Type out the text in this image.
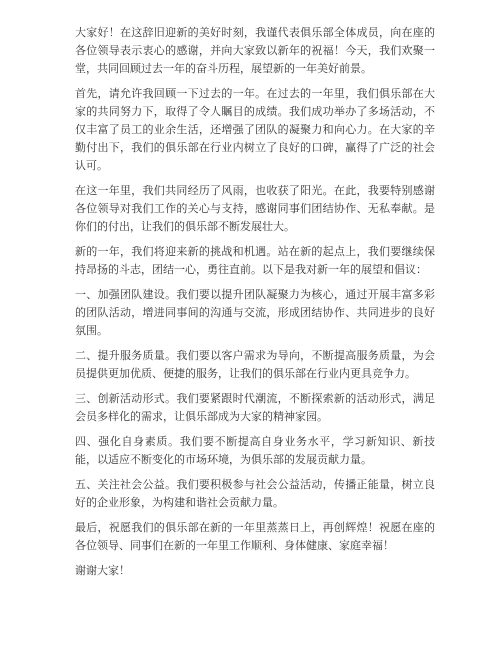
大家好！在这辞旧迎新的美好时刻，我谨代表俱乐部全体成员，向在座的各位领导表示衷心的感谢，并向大家致以新年的祝福！今天，我们欢聚一堂，共同回顾过去一年的奋斗历程，展望新的一年美好前景。

首先，请允许我回顾一下过去的一年。在过去的一年里，我们俱乐部在大家的共同努力下，取得了令人瞩目的成绩。我们成功举办了多场活动，不仅丰富了员工的业余生活，还增强了团队的凝聚力和向心力。在大家的辛勤付出下，我们的俱乐部在行业内树立了良好的口碑，赢得了广泛的社会认可。

在这一年里，我们共同经历了风雨，也收获了阳光。在此，我要特别感谢各位领导对我们工作的关心与支持，感谢同事们团结协作、无私奉献。是你们的付出，让我们的俱乐部不断发展壮大。

新的一年，我们将迎来新的挑战和机遇。站在新的起点上，我们要继续保持昂扬的斗志，团结一心，勇往直前。以下是我对新一年的展望和倡议：

一、加强团队建设。我们要以提升团队凝聚力为核心，通过开展丰富多彩的团队活动，增进同事间的沟通与交流，形成团结协作、共同进步的良好氛围。

二、提升服务质量。我们要以客户需求为导向，不断提高服务质量，为会员提供更加优质、便捷的服务，让我们的俱乐部在行业内更具竞争力。

三、创新活动形式。我们要紧跟时代潮流，不断探索新的活动形式，满足会员多样化的需求，让俱乐部成为大家的精神家园。

四、强化自身素质。我们要不断提高自身业务水平，学习新知识、新技能，以适应不断变化的市场环境，为俱乐部的发展贡献力量。

五、关注社会公益。我们要积极参与社会公益活动，传播正能量，树立良好的企业形象，为构建和谐社会贡献力量。

最后，祝愿我们的俱乐部在新的一年里蒸蒸日上，再创辉煌！祝愿在座的各位领导、同事们在新的一年里工作顺利、身体健康、家庭幸福！

谢谢大家！
